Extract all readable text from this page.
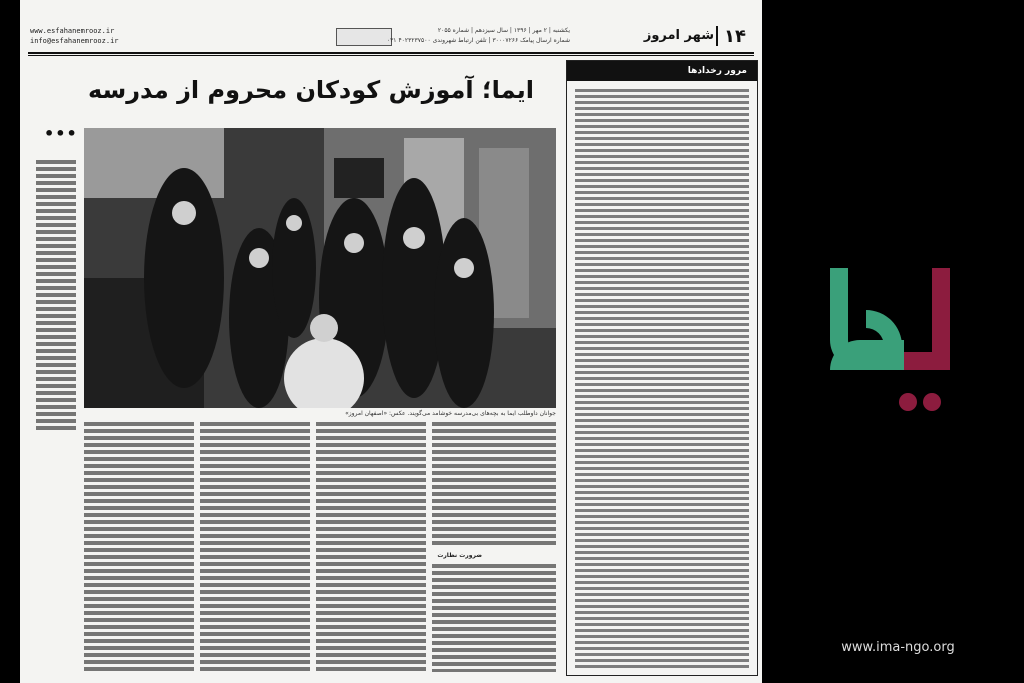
www.esfahanemrooz.ir
info@esfahanemrooz.ir
یکشنبه | ۲ مهر | ۱۳۹۶ | سال سیزدهم | شماره ۲۰۵۵
شماره ارسال پیامک ۳۰۰۰۷۲۶۶ | تلفن ارتباط شهروندی ۴۰۲۳۲۳۷۵۰۰ ۰۳۱	شهر امروز ۱۴
ایما؛ آموزش کودکان محروم از مدرسه
•••
جوانان داوطلب ایما به بچه‌های بی‌مدرسه خوشامد می‌گویند. عکس: «اصفهان امروز»
ضرورت نظارت
مرور رخدادها
www.ima-ngo.org
